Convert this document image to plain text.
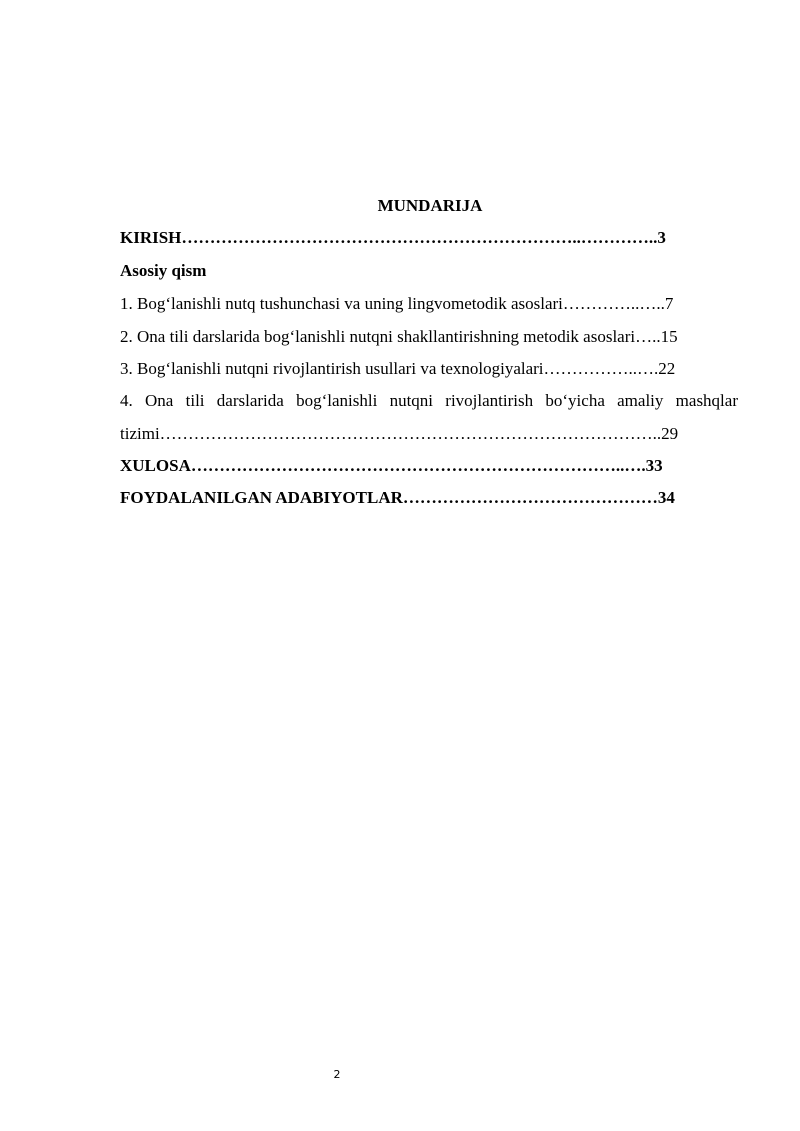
MUNDARIJA
KIRISH……………………………………………………………..…………..3
Asosiy qism
1. Bog‘lanishli nutq tushunchasi va uning lingvometodik asoslari…………..…..7
2. Ona tili darslarida bog‘lanishli nutqni shakllantirishning metodik asoslari…..15
3. Bog‘lanishli nutqni rivojlantirish usullari va texnologiyalari……………..….22
4. Ona tili darslarida bog‘lanishli nutqni rivojlantirish bo‘yicha amaliy mashqlar
tizimi……………………………………………………………………………..29
XULOSA…………………………………………………………………..….33
FOYDALANILGAN ADABIYOTLAR………………………………………34
2
